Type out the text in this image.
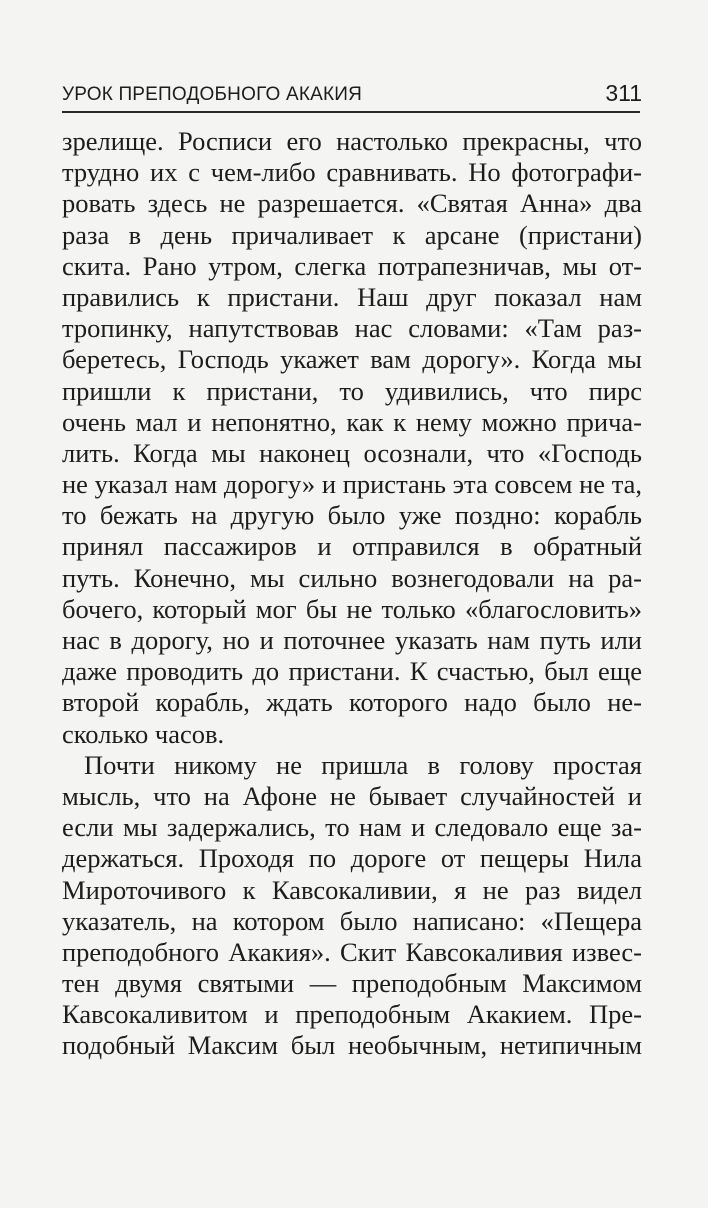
УРОК ПРЕПОДОБНОГО АКАКИЯ	311
зрелище. Росписи его настолько прекрасны, что
трудно их с чем-либо сравнивать. Но фотографи-
ровать здесь не разрешается. «Святая Анна» два
раза в день причаливает к арсане (пристани)
скита. Рано утром, слегка потрапезничав, мы от-
правились к пристани. Наш друг показал нам
тропинку, напутствовав нас словами: «Там раз-
беретесь, Господь укажет вам дорогу». Когда мы
пришли к пристани, то удивились, что пирс
очень мал и непонятно, как к нему можно прича-
лить. Когда мы наконец осознали, что «Господь
не указал нам дорогу» и пристань эта совсем не та,
то бежать на другую было уже поздно: корабль
принял пассажиров и отправился в обратный
путь. Конечно, мы сильно вознегодовали на ра-
бочего, который мог бы не только «благословить»
нас в дорогу, но и поточнее указать нам путь или
даже проводить до пристани. К счастью, был еще
второй корабль, ждать которого надо было не-
сколько часов.
Почти никому не пришла в голову простая
мысль, что на Афоне не бывает случайностей и
если мы задержались, то нам и следовало еще за-
держаться. Проходя по дороге от пещеры Нила
Мироточивого к Кавсокаливии, я не раз видел
указатель, на котором было написано: «Пещера
преподобного Акакия». Скит Кавсокаливия извес-
тен двумя святыми — преподобным Максимом
Кавсокаливитом и преподобным Акакием. Пре-
подобный Максим был необычным, нетипичным
